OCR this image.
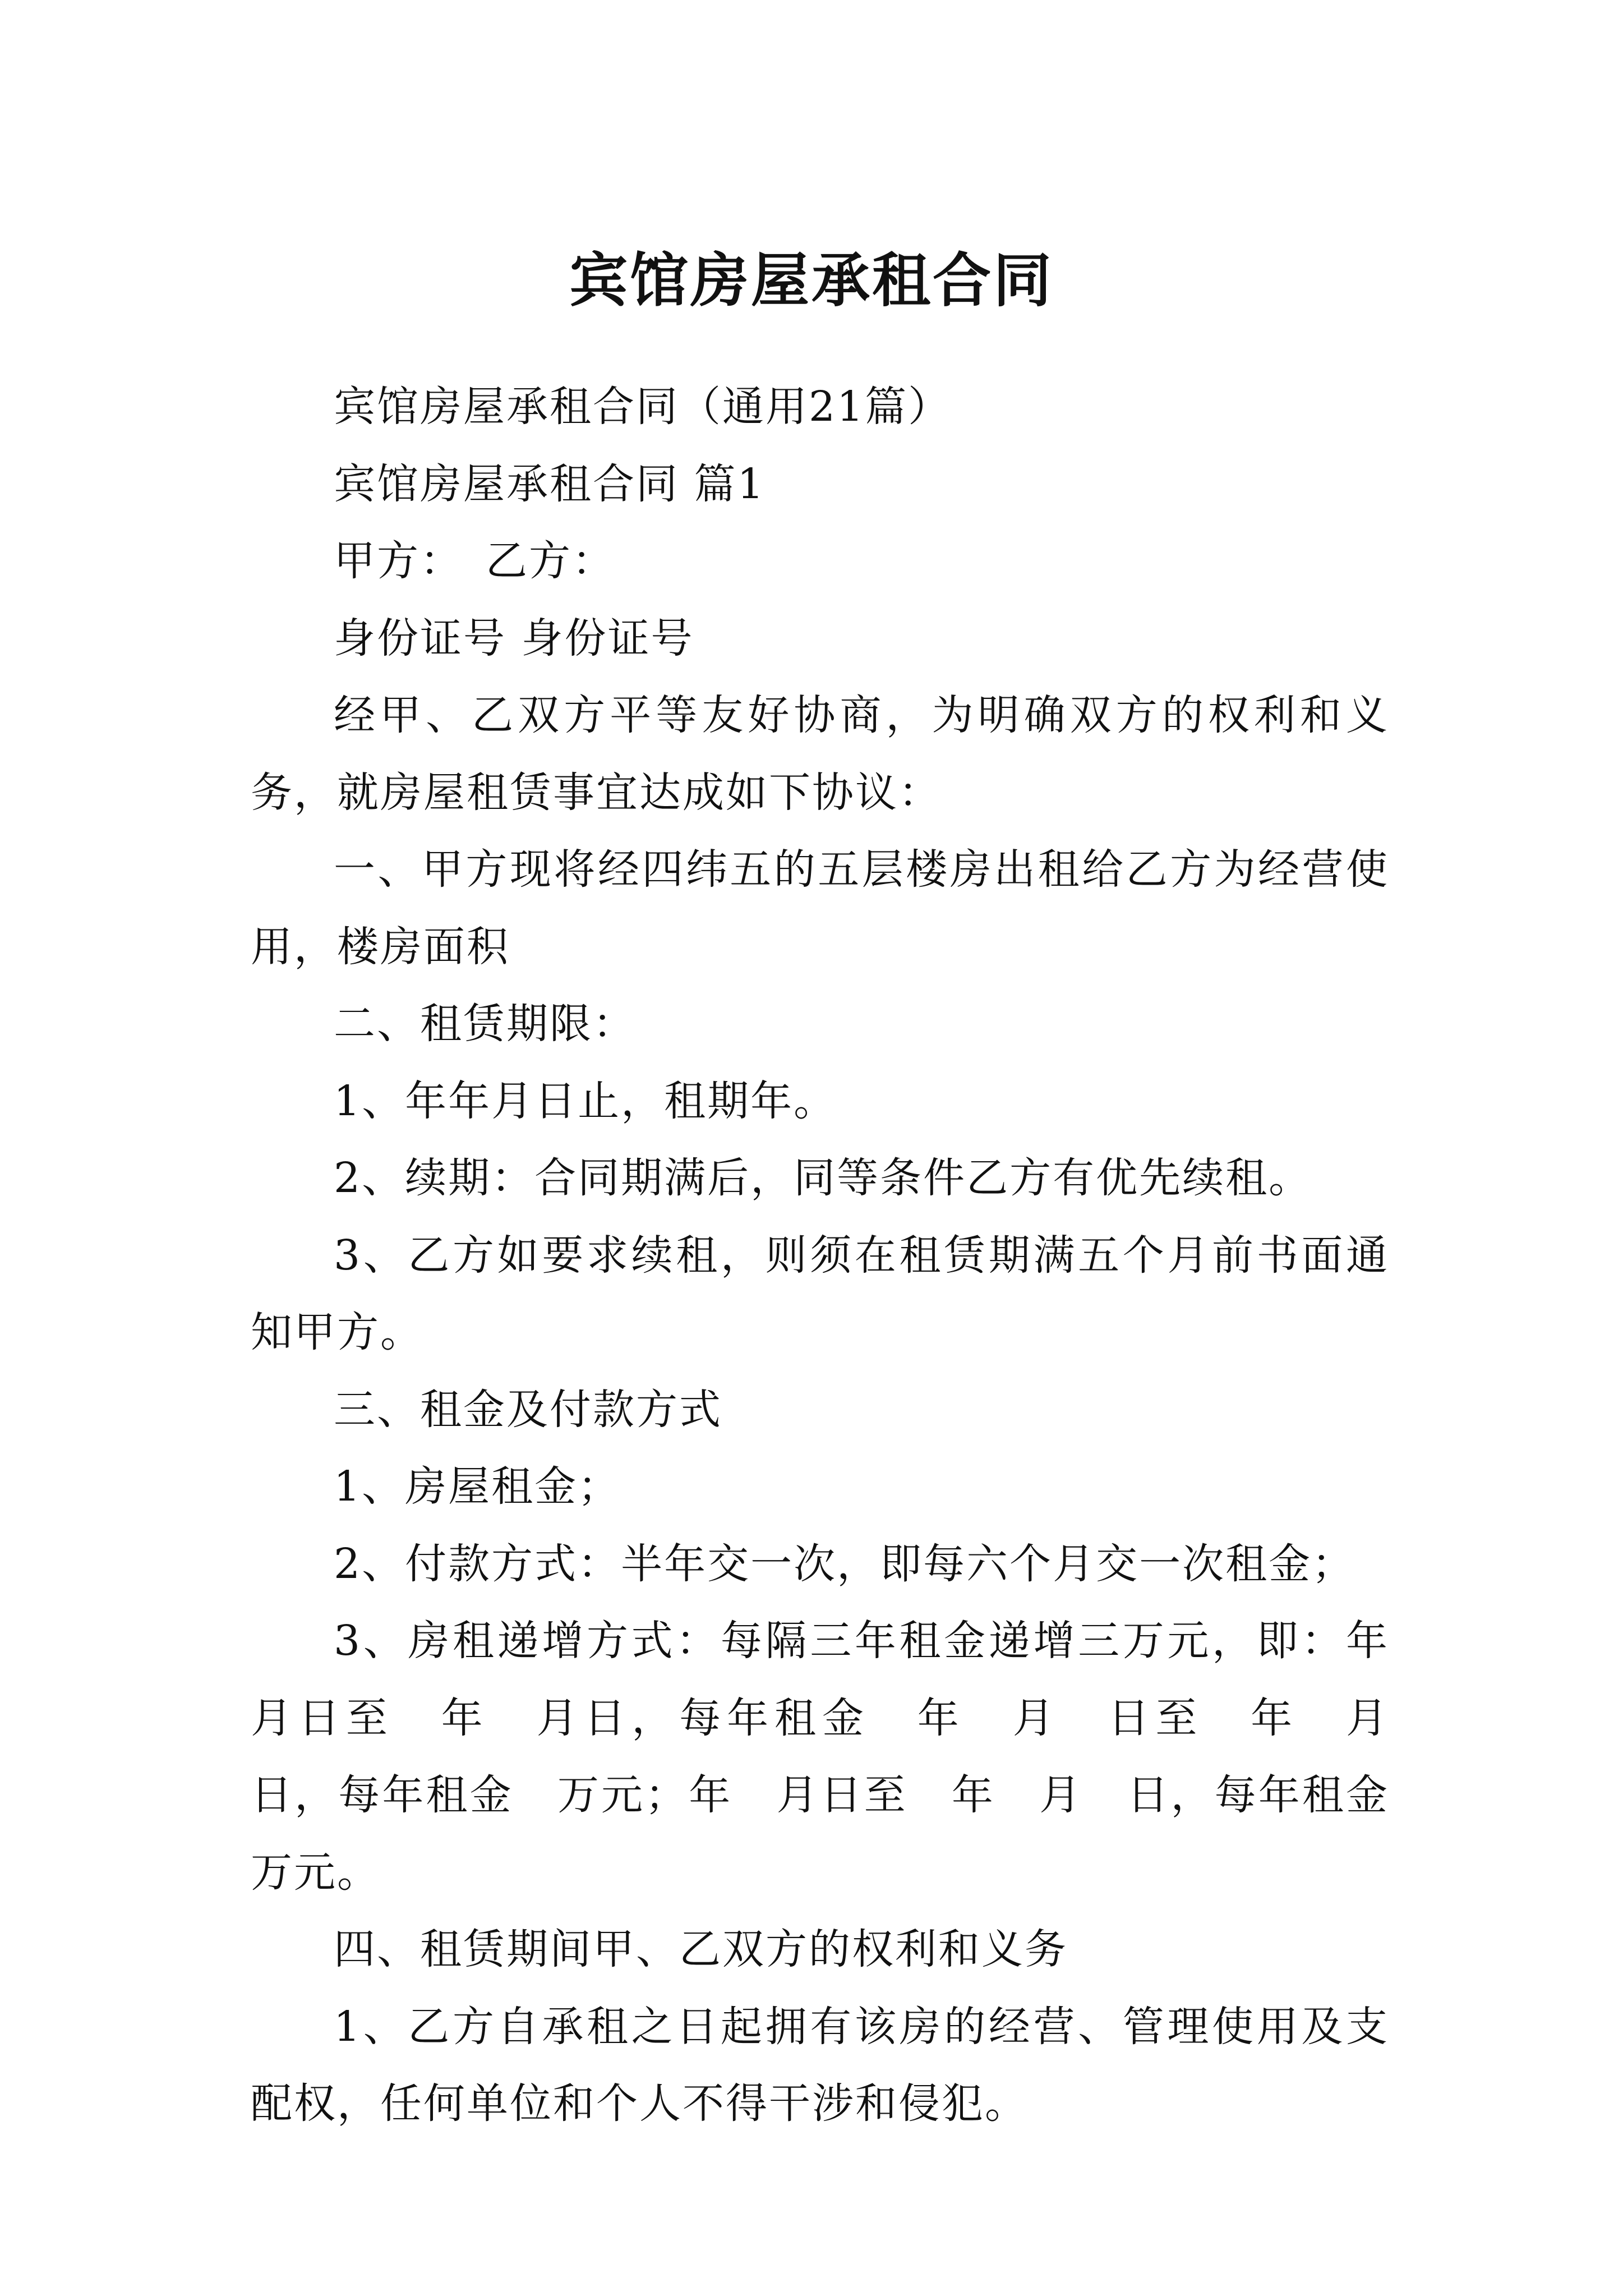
宾馆房屋承租合同

宾馆房屋承租合同（通用21篇）

宾馆房屋承租合同 篇1

甲方：　乙方：

身份证号 身份证号

经甲、乙双方平等友好协商，为明确双方的权利和义务，就房屋租赁事宜达成如下协议：

一、甲方现将经四纬五的五层楼房出租给乙方为经营使用，楼房面积

二、租赁期限：

1、年年月日止，租期年。

2、续期：合同期满后，同等条件乙方有优先续租。

3、乙方如要求续租，则须在租赁期满五个月前书面通知甲方。

三、租金及付款方式

1、房屋租金；

2、付款方式：半年交一次，即每六个月交一次租金；

3、房租递增方式：每隔三年租金递增三万元，即：年月日至　年　月日，每年租金　年　月　日至　年　月　日，每年租金　万元；年　月日至　年　月　日，每年租金　万元。

四、租赁期间甲、乙双方的权利和义务

1、乙方自承租之日起拥有该房的经营、管理使用及支配权，任何单位和个人不得干涉和侵犯。
